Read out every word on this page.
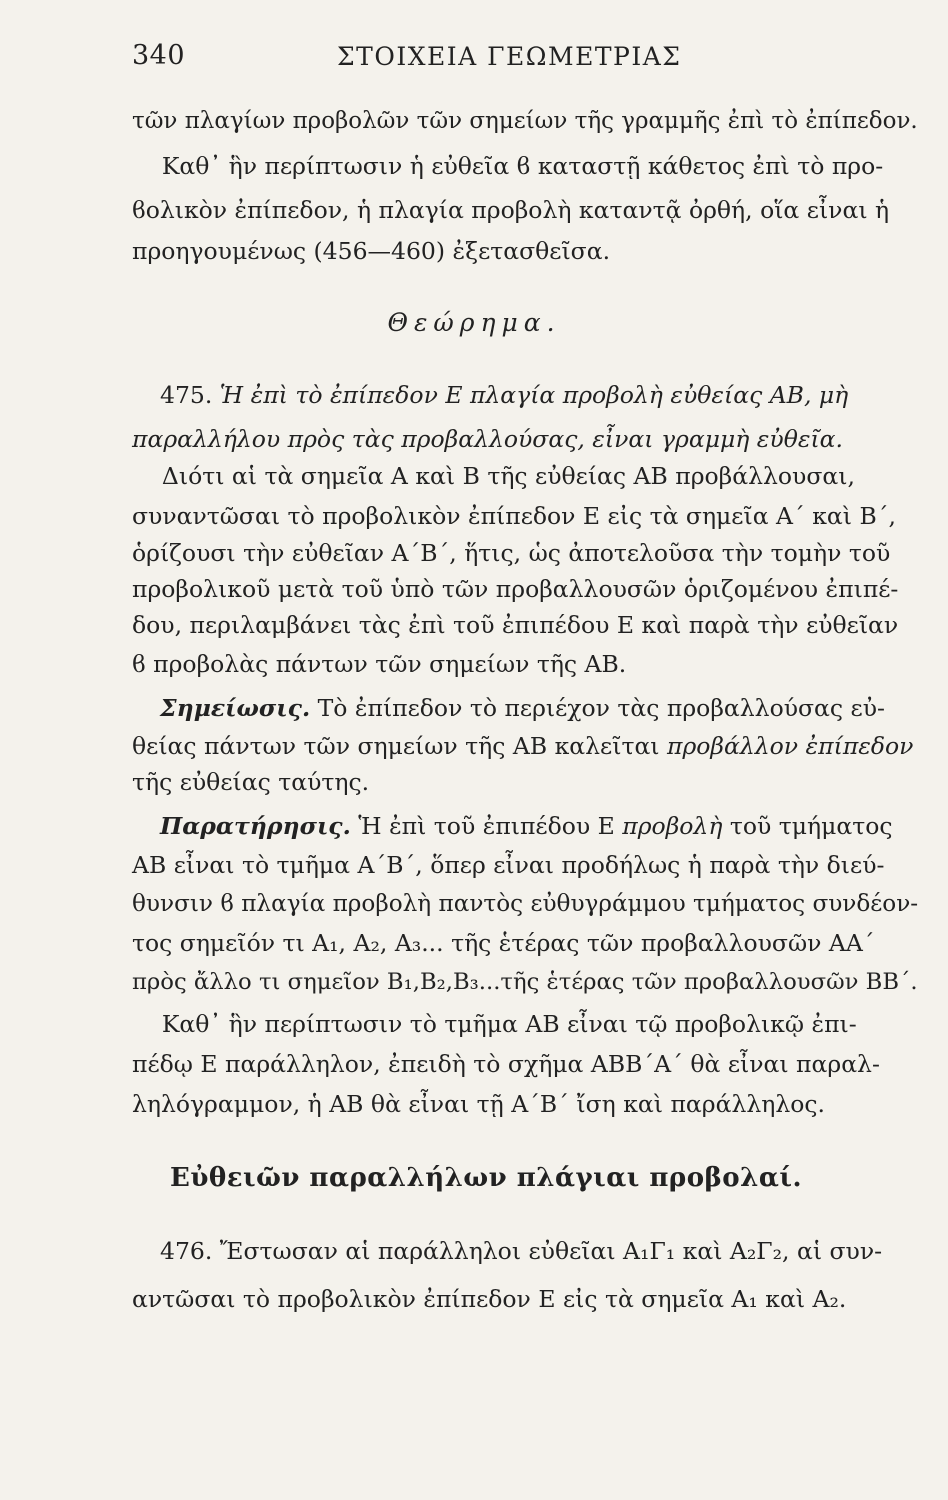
340	ΣΤΟΙΧΕΙΑ ΓΕΩΜΕΤΡΙΑΣ
τῶν πλαγίων προβολῶν τῶν σημείων τῆς γραμμῆς ἐπὶ τὸ ἐπίπεδον.
Καθ᾽ ἣν περίπτωσιν ἡ εὐθεῖα ϐ καταστῇ κάθετος ἐπὶ τὸ προ-
ϐολικὸν ἐπίπεδον, ἡ πλαγία προβολὴ καταντᾷ ὀρθή, οἵα εἶναι ἡ
προηγουμένως (456—460) ἐξετασθεῖσα.
Θεώρημα.
475. Ἡ ἐπὶ τὸ ἐπίπεδον Ε πλαγία προβολὴ εὐθείας ΑΒ, μὴ
παραλλήλου πρὸς τὰς προβαλλούσας, εἶναι γραμμὴ εὐθεῖα.
Διότι αἱ τὰ σημεῖα Α καὶ Β τῆς εὐθείας ΑΒ προβάλλουσαι,
συναντῶσαι τὸ προβολικὸν ἐπίπεδον Ε εἰς τὰ σημεῖα Α΄ καὶ Β΄,
ὁρίζουσι τὴν εὐθεῖαν Α΄Β΄, ἥτις, ὡς ἀποτελοῦσα τὴν τομὴν τοῦ
προβολικοῦ μετὰ τοῦ ὑπὸ τῶν προβαλλουσῶν ὁριζομένου ἐπιπέ-
δου, περιλαμβάνει τὰς ἐπὶ τοῦ ἐπιπέδου Ε καὶ παρὰ τὴν εὐθεῖαν
ϐ προβολὰς πάντων τῶν σημείων τῆς ΑΒ.
Σημείωσις. Τὸ ἐπίπεδον τὸ περιέχον τὰς προβαλλούσας εὐ-
θείας πάντων τῶν σημείων τῆς ΑΒ καλεῖται προβάλλον ἐπίπεδον
τῆς εὐθείας ταύτης.
Παρατήρησις. Ἡ ἐπὶ τοῦ ἐπιπέδου Ε προβολὴ τοῦ τμήματος
ΑΒ εἶναι τὸ τμῆμα Α΄Β΄, ὅπερ εἶναι προδήλως ἡ παρὰ τὴν διεύ-
θυνσιν ϐ πλαγία προβολὴ παντὸς εὐθυγράμμου τμήματος συνδέον-
τος σημεῖόν τι Α₁, Α₂, Α₃... τῆς ἑτέρας τῶν προβαλλουσῶν ΑΑ΄
πρὸς ἄλλο τι σημεῖον Β₁,Β₂,Β₃...τῆς ἑτέρας τῶν προβαλλουσῶν ΒΒ΄.
Καθ᾽ ἣν περίπτωσιν τὸ τμῆμα ΑΒ εἶναι τῷ προβολικῷ ἐπι-
πέδῳ Ε παράλληλον, ἐπειδὴ τὸ σχῆμα ΑΒΒ΄Α΄ θὰ εἶναι παραλ-
ληλόγραμμον, ἡ ΑΒ θὰ εἶναι τῇ Α΄Β΄ ἴση καὶ παράλληλος.
Εὐθειῶν παραλλήλων πλάγιαι προβολαί.
476. Ἔστωσαν αἱ παράλληλοι εὐθεῖαι Α₁Γ₁ καὶ Α₂Γ₂, αἱ συν-
αντῶσαι τὸ προβολικὸν ἐπίπεδον Ε εἰς τὰ σημεῖα Α₁ καὶ Α₂.
